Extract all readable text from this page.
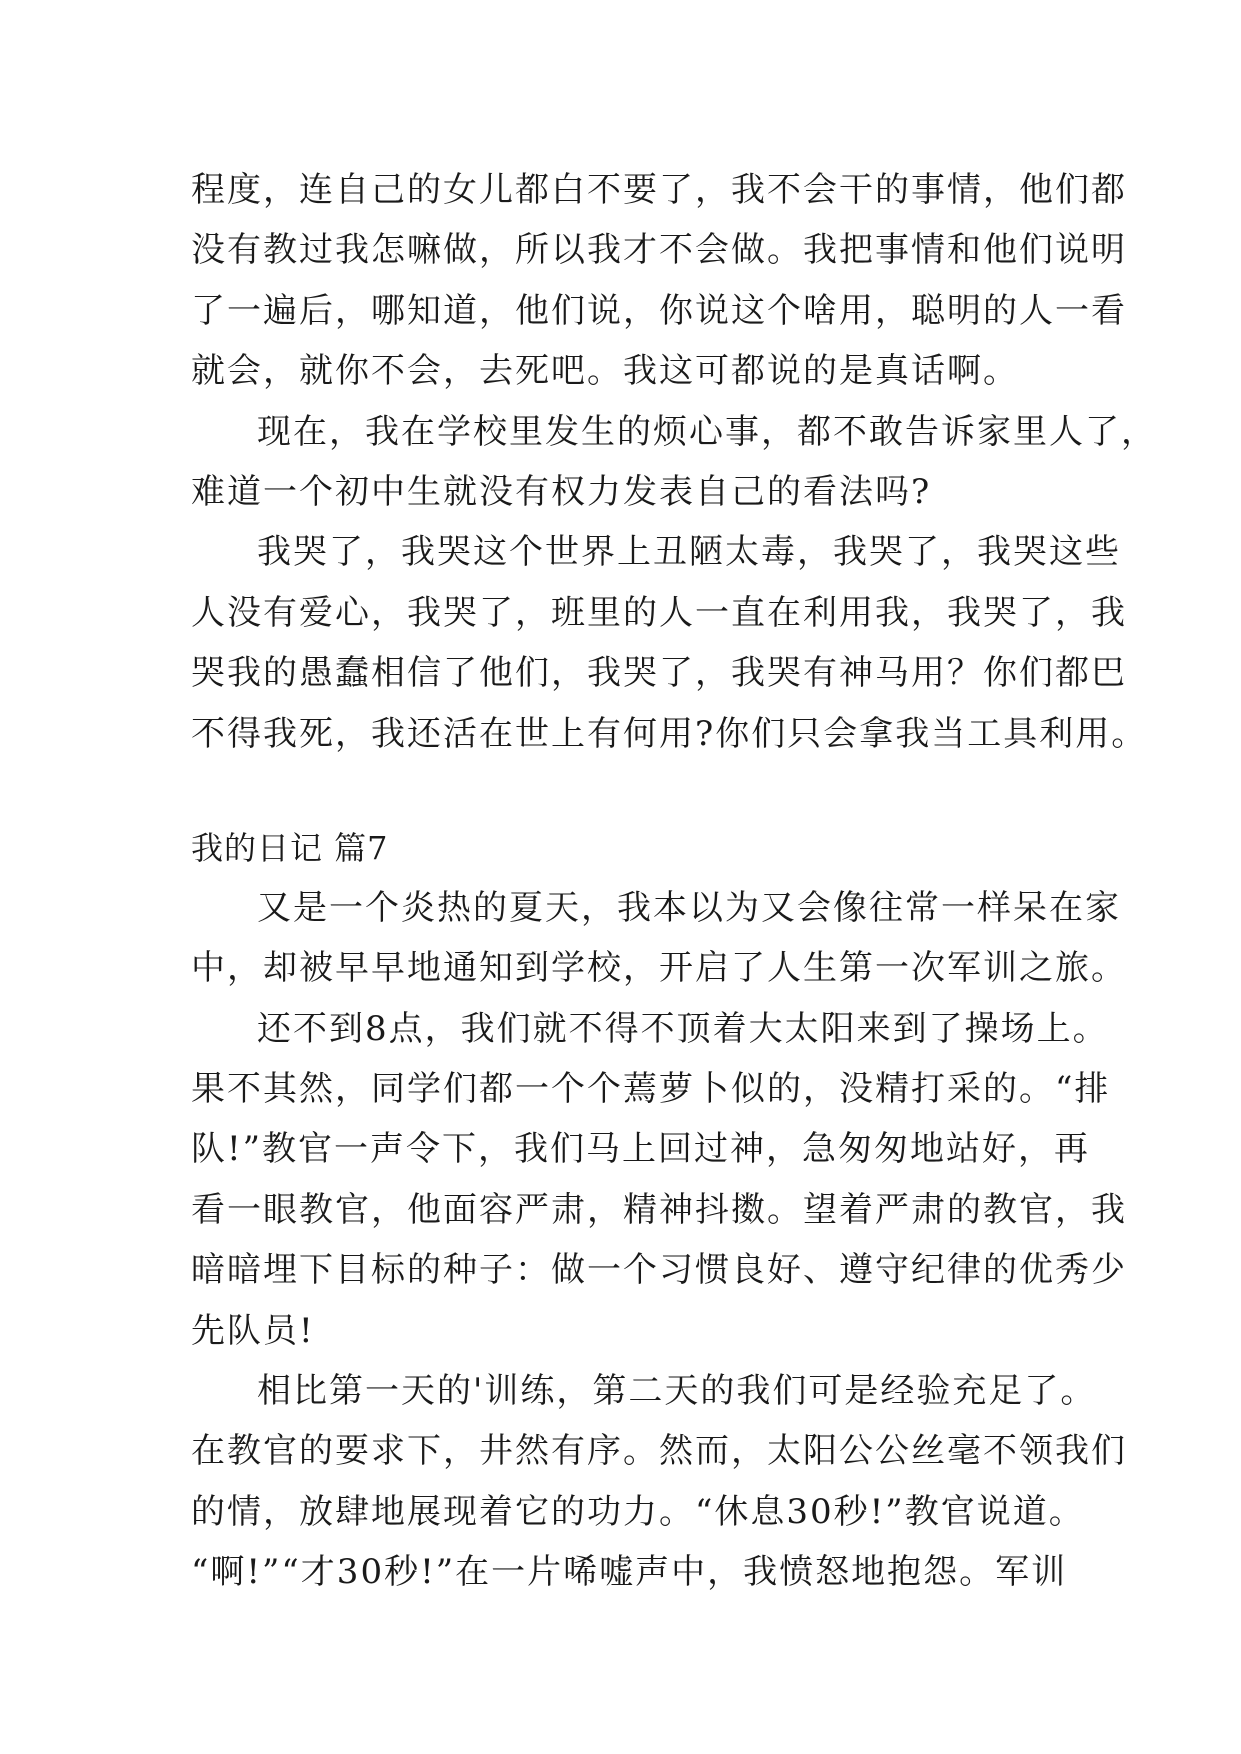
程度，连自己的女儿都白不要了，我不会干的事情，他们都
没有教过我怎嘛做，所以我才不会做。我把事情和他们说明
了一遍后，哪知道，他们说，你说这个啥用，聪明的人一看
就会，就你不会，去死吧。我这可都说的是真话啊。
现在，我在学校里发生的烦心事，都不敢告诉家里人了，
难道一个初中生就没有权力发表自己的看法吗?
我哭了，我哭这个世界上丑陋太毒，我哭了，我哭这些
人没有爱心，我哭了，班里的人一直在利用我，我哭了，我
哭我的愚蠢相信了他们，我哭了，我哭有神马用？你们都巴
不得我死，我还活在世上有何用?你们只会拿我当工具利用。
我的日记 篇7
又是一个炎热的夏天，我本以为又会像往常一样呆在家
中，却被早早地通知到学校，开启了人生第一次军训之旅。
还不到8点，我们就不得不顶着大太阳来到了操场上。
果不其然，同学们都一个个蔫萝卜似的，没精打采的。“排
队!”教官一声令下，我们马上回过神，急匆匆地站好，再
看一眼教官，他面容严肃，精神抖擞。望着严肃的教官，我
暗暗埋下目标的种子：做一个习惯良好、遵守纪律的优秀少
先队员!
相比第一天的'训练，第二天的我们可是经验充足了。
在教官的要求下，井然有序。然而，太阳公公丝毫不领我们
的情，放肆地展现着它的功力。“休息30秒!”教官说道。
“啊!”“才30秒!”在一片唏嘘声中，我愤怒地抱怨。军训
